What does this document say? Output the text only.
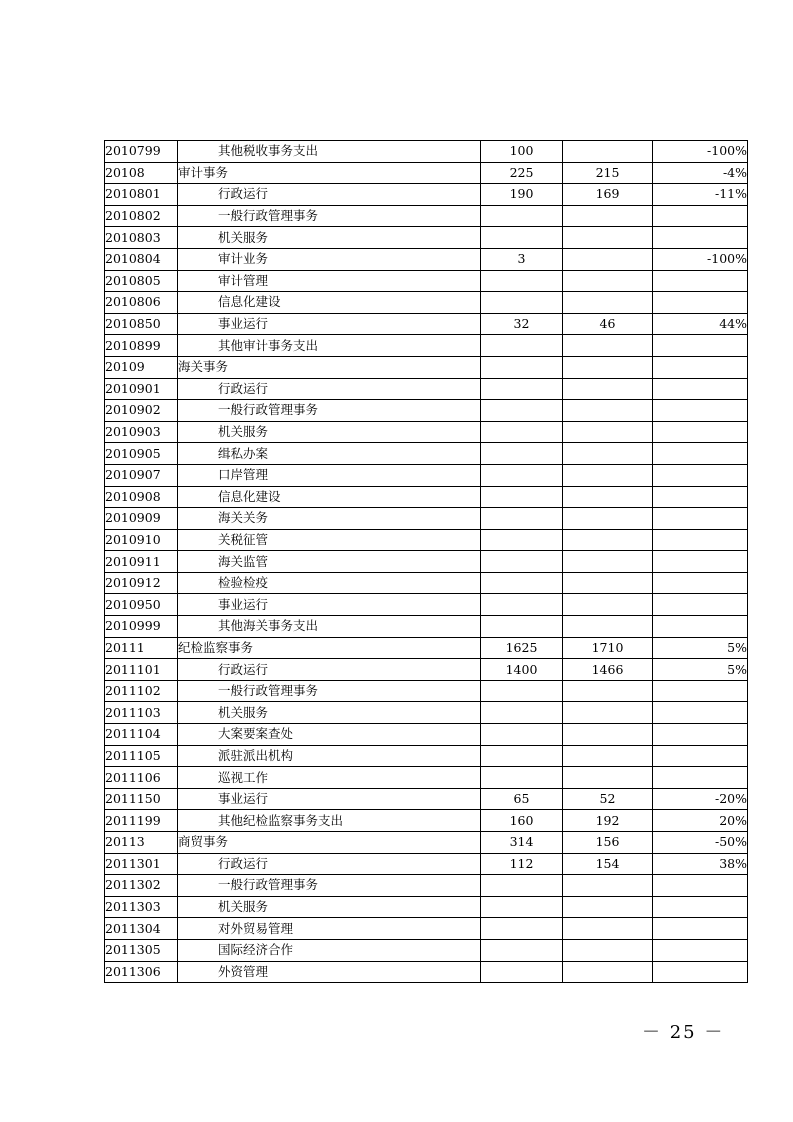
2010799	其他税收事务支出	100		-100%
20108	审计事务	225	215	-4%
2010801	行政运行	190	169	-11%
2010802	一般行政管理事务			
2010803	机关服务			
2010804	审计业务	3		-100%
2010805	审计管理			
2010806	信息化建设			
2010850	事业运行	32	46	44%
2010899	其他审计事务支出			
20109	海关事务			
2010901	行政运行			
2010902	一般行政管理事务			
2010903	机关服务			
2010905	缉私办案			
2010907	口岸管理			
2010908	信息化建设			
2010909	海关关务			
2010910	关税征管			
2010911	海关监管			
2010912	检验检疫			
2010950	事业运行			
2010999	其他海关事务支出			
20111	纪检监察事务	1625	1710	5%
2011101	行政运行	1400	1466	5%
2011102	一般行政管理事务			
2011103	机关服务			
2011104	大案要案查处			
2011105	派驻派出机构			
2011106	巡视工作			
2011150	事业运行	65	52	-20%
2011199	其他纪检监察事务支出	160	192	20%
20113	商贸事务	314	156	-50%
2011301	行政运行	112	154	38%
2011302	一般行政管理事务			
2011303	机关服务			
2011304	对外贸易管理			
2011305	国际经济合作			
2011306	外资管理			
－ 25 －
